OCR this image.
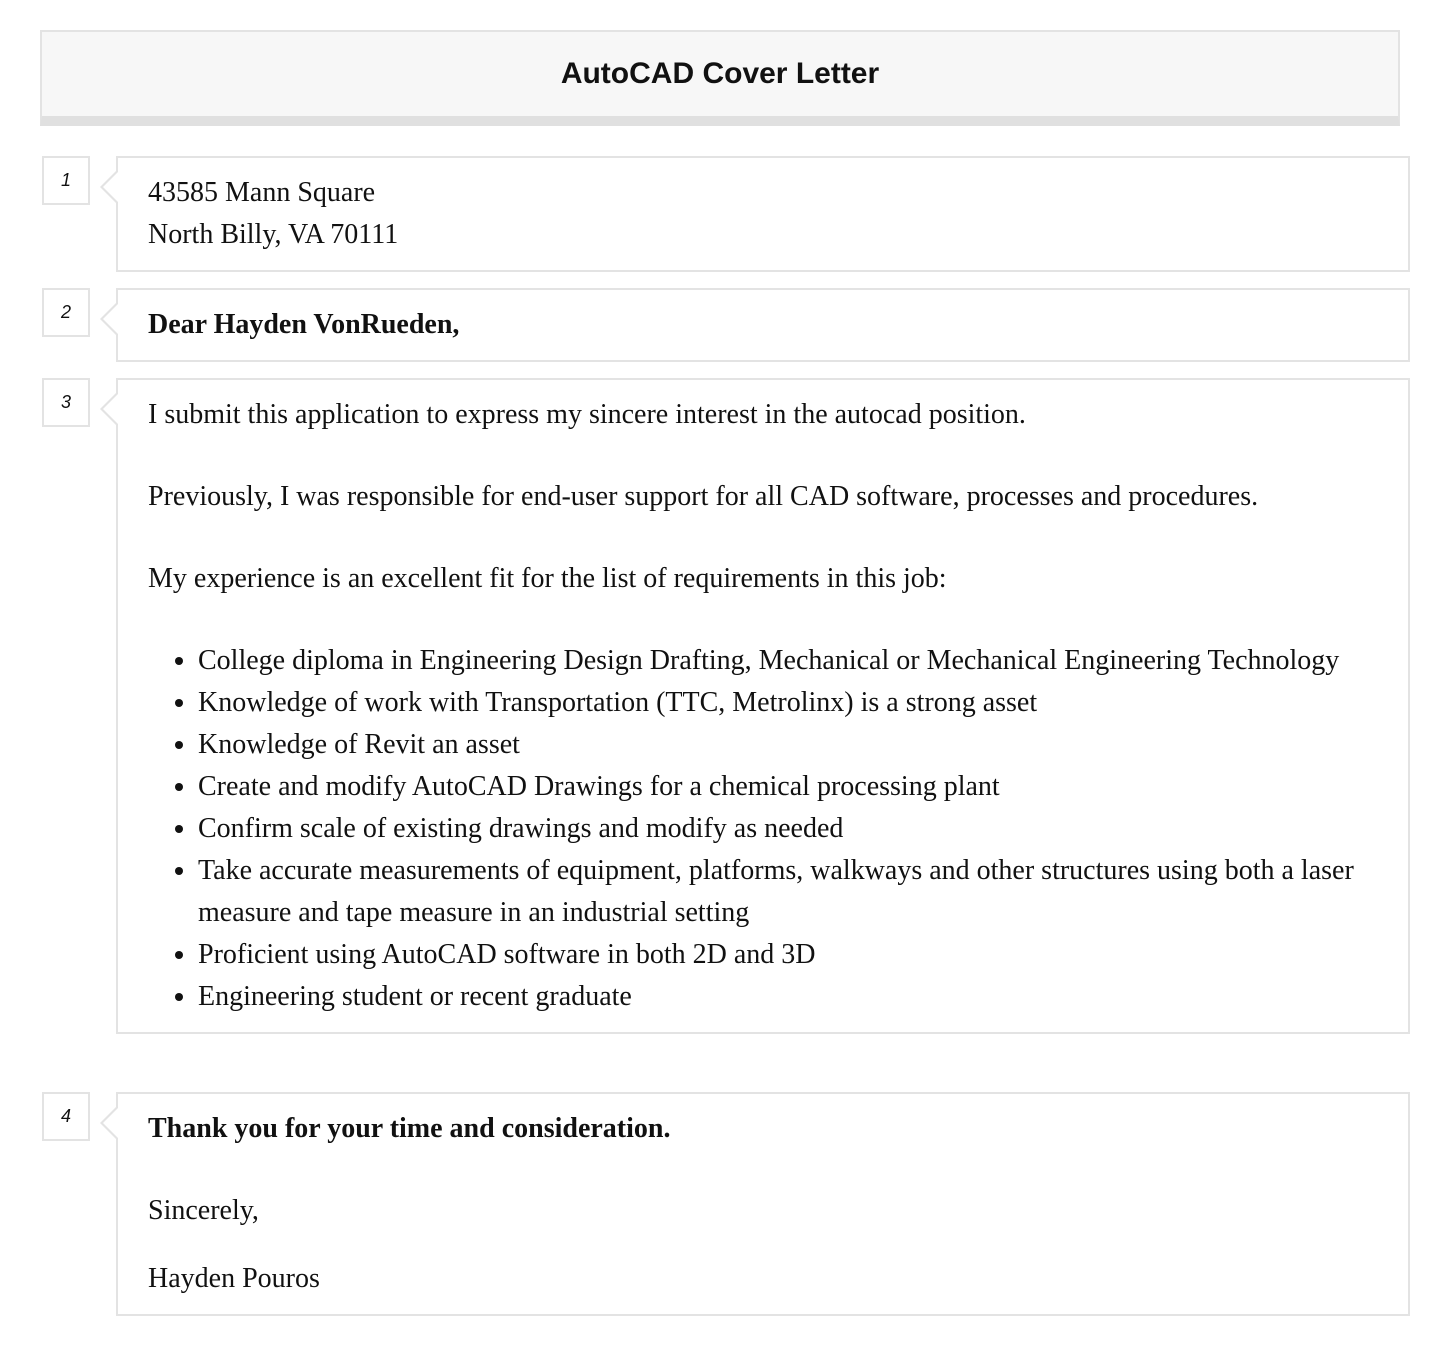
AutoCAD Cover Letter
1	43585 Mann Square

North Billy, VA 70111

2	Dear Hayden VonRueden,

3	I submit this application to express my sincere interest in the autocad position.

Previously, I was responsible for end-user support for all CAD software, processes and procedures.

My experience is an excellent fit for the list of requirements in this job:

• College diploma in Engineering Design Drafting, Mechanical or Mechanical Engineering Technology
• Knowledge of work with Transportation (TTC, Metrolinx) is a strong asset
• Knowledge of Revit an asset
• Create and modify AutoCAD Drawings for a chemical processing plant
• Confirm scale of existing drawings and modify as needed
• Take accurate measurements of equipment, platforms, walkways and other structures using both a laser measure and tape measure in an industrial setting
• Proficient using AutoCAD software in both 2D and 3D
• Engineering student or recent graduate
4	Thank you for your time and consideration.

Sincerely,

Hayden Pouros
